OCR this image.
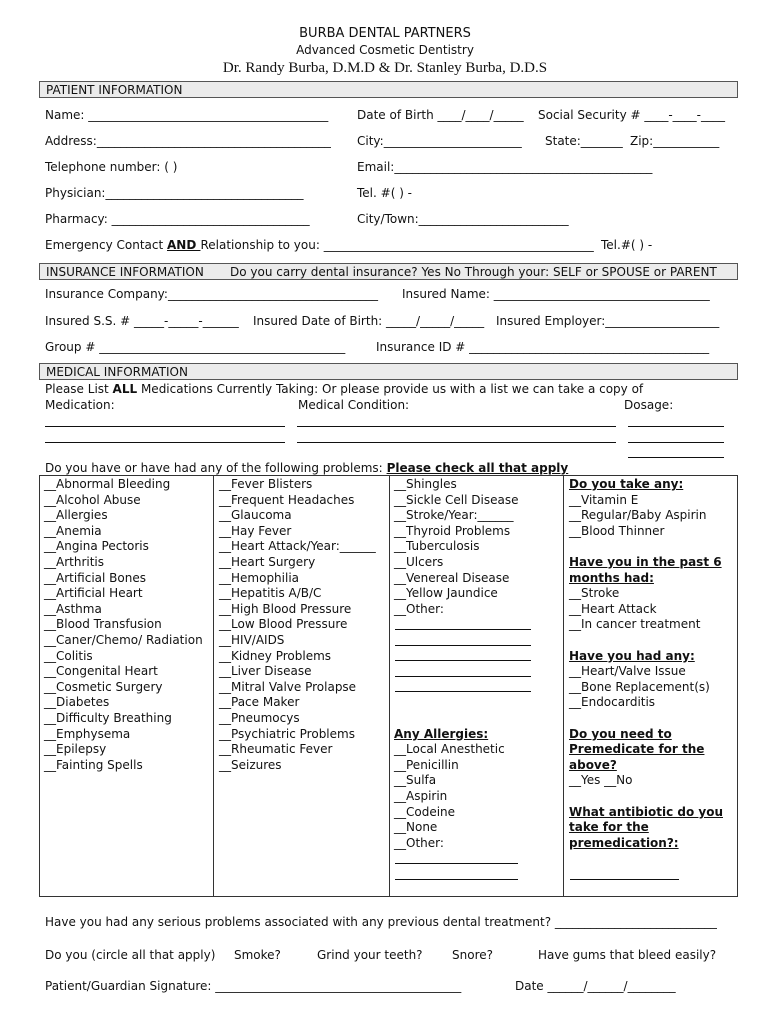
BURBA DENTAL PARTNERS
Advanced Cosmetic Dentistry
Dr. Randy Burba, D.M.D & Dr. Stanley Burba, D.D.S
PATIENT INFORMATION
Name: ________________________________________ Date of Birth ____/____/_____ Social Security # ____-____-____
Address:_______________________________________ City:_______________________ State:_______ Zip:___________
Telephone number: ( )	Email:___________________________________________
Physician:_________________________________	Tel. #( ) -
Pharmacy: _________________________________	City/Town:_________________________
Emergency Contact AND Relationship to you: _____________________________________________ Tel.#( ) -
INSURANCE INFORMATION Do you carry dental insurance? Yes No Through your: SELF or SPOUSE or PARENT
Insurance Company:___________________________________ Insured Name: ____________________________________
Insured S.S. # _____-_____-______ Insured Date of Birth: _____/_____/_____ Insured Employer:___________________
Group # _________________________________________	Insurance ID # ________________________________________
MEDICAL INFORMATION
Please List ALL Medications Currently Taking: Or please provide us with a list we can take a copy of
Medication:	Medical Condition:	Dosage:
Do you have or have had any of the following problems: Please check all that apply
__Abnormal Bleeding
__Alcohol Abuse
__Allergies
__Anemia
__Angina Pectoris
__Arthritis
__Artificial Bones
__Artificial Heart
__Asthma
__Blood Transfusion
__Caner/Chemo/ Radiation
__Colitis
__Congenital Heart
__Cosmetic Surgery
__Diabetes
__Difficulty Breathing
__Emphysema
__Epilepsy
__Fainting Spells
__Fever Blisters
__Frequent Headaches
__Glaucoma
__Hay Fever
__Heart Attack/Year:______
__Heart Surgery
__Hemophilia
__Hepatitis A/B/C
__High Blood Pressure
__Low Blood Pressure
__HIV/AIDS
__Kidney Problems
__Liver Disease
__Mitral Valve Prolapse
__Pace Maker
__Pneumocys
__Psychiatric Problems
__Rheumatic Fever
__Seizures
__Shingles
__Sickle Cell Disease
__Stroke/Year:______
__Thyroid Problems
__Tuberculosis
__Ulcers
__Venereal Disease
__Yellow Jaundice
__Other:
Any Allergies:
__Local Anesthetic
__Penicillin
__Sulfa
__Aspirin
__Codeine
__None
__Other:
Do you take any:
__Vitamin E
__Regular/Baby Aspirin
__Blood Thinner
Have you in the past 6
months had:
__Stroke
__Heart Attack
__In cancer treatment
Have you had any:
__Heart/Valve Issue
__Bone Replacement(s)
__Endocarditis
Do you need to
Premedicate for the
above?
__Yes __No
What antibiotic do you
take for the
premedication?:
Have you had any serious problems associated with any previous dental treatment? ___________________________
Do you (circle all that apply) Smoke?	Grind your teeth? Snore?	Have gums that bleed easily?
Patient/Guardian Signature: _________________________________________	Date ______/______/________
